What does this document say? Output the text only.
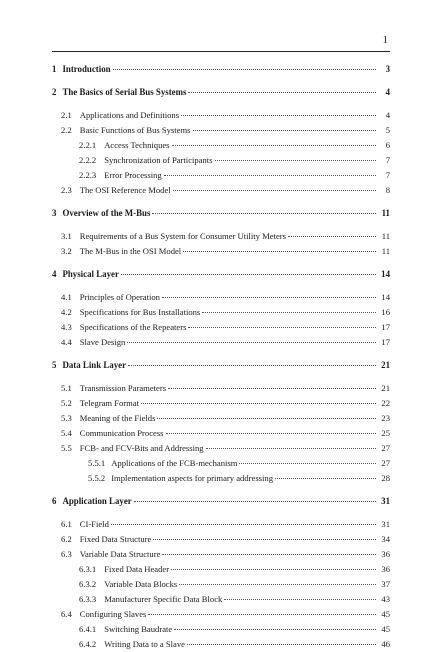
1
1 Introduction	3
2 The Basics of Serial Bus Systems	4
2.1 Applications and Definitions	4
2.2 Basic Functions of Bus Systems	5
2.2.1 Access Techniques	6
2.2.2 Synchronization of Participants	7
2.2.3 Error Processing	7
2.3 The OSI Reference Model	8
3 Overview of the M-Bus	11
3.1 Requirements of a Bus System for Consumer Utility Meters	11
3.2 The M-Bus in the OSI Model	11
4 Physical Layer	14
4.1 Principles of Operation	14
4.2 Specifications for Bus Installations	16
4.3 Specifications of the Repeaters	17
4.4 Slave Design	17
5 Data Link Layer	21
5.1 Transmission Parameters	21
5.2 Telegram Format	22
5.3 Meaning of the Fields	23
5.4 Communication Process	25
5.5 FCB- and FCV-Bits and Addressing	27
5.5.1 Applications of the FCB-mechanism	27
5.5.2 Implementation aspects for primary addressing	28
6 Application Layer	31
6.1 CI-Field	31
6.2 Fixed Data Structure	34
6.3 Variable Data Structure	36
6.3.1 Fixed Data Header	36
6.3.2 Variable Data Blocks	37
6.3.3 Manufacturer Specific Data Block	43
6.4 Configuring Slaves	45
6.4.1 Switching Baudrate	45
6.4.2 Writing Data to a Slave	46
